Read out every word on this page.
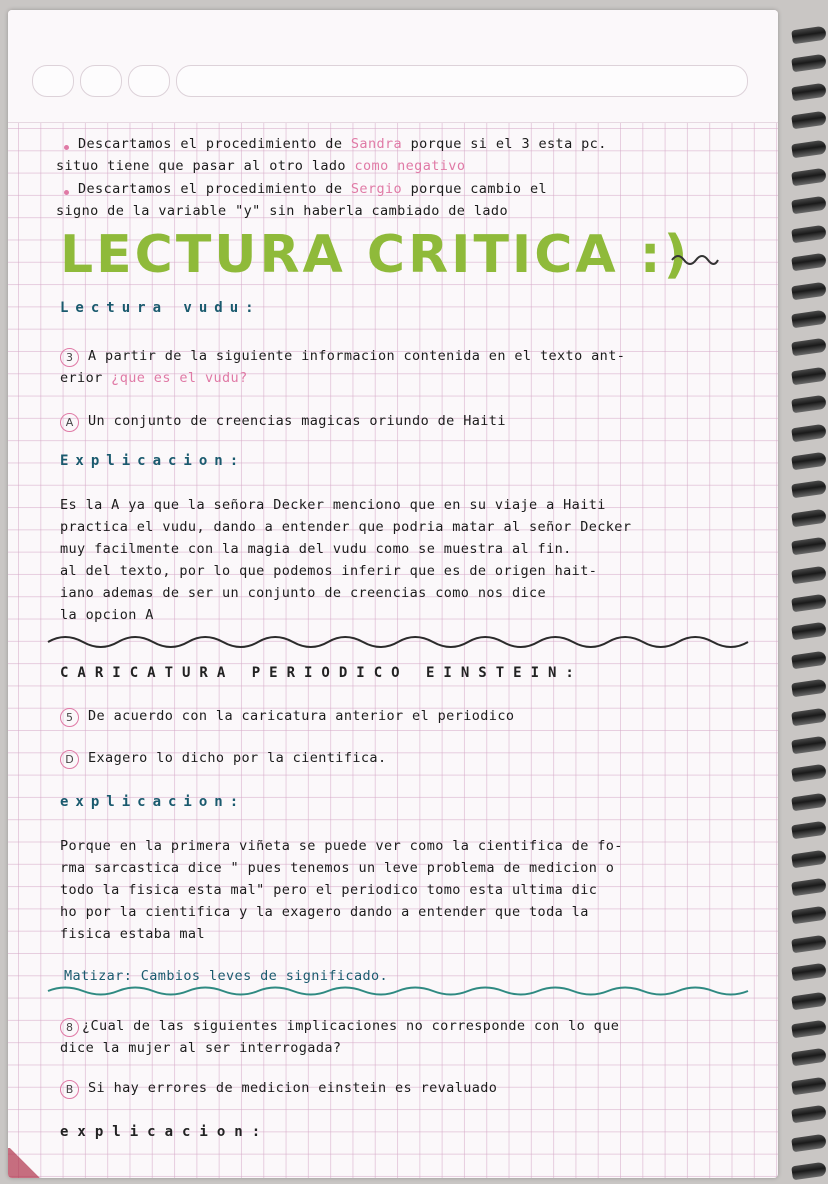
Descartamos el procedimiento de Sandra porque si el 3 esta pc.

situo tiene que pasar al otro lado como negativo

Descartamos el procedimiento de Sergio porque cambio el

signo de la variable "y" sin haberla cambiado de lado

LECTURA CRITICA :)

Lectura vudu:

3	A partir de la siguiente informacion contenida en el texto ant-

erior ¿que es el vudu?

A	Un conjunto de creencias magicas oriundo de Haiti

Explicacion:

Es la A ya que la señora Decker menciono que en su viaje a Haiti

practica el vudu, dando a entender que podria matar al señor Decker

muy facilmente con la magia del vudu como se muestra al fin.

al del texto, por lo que podemos inferir que es de origen hait-

iano ademas de ser un conjunto de creencias como nos dice

la opcion A

CARICATURA PERIODICO EINSTEIN:

5	De acuerdo con la caricatura anterior el periodico

D	Exagero lo dicho por la cientifica.

explicacion:

Porque en la primera viñeta se puede ver como la cientifica de fo-

rma sarcastica dice " pues tenemos un leve problema de medicion o

todo la fisica esta mal" pero el periodico tomo esta ultima dic

ho por la cientifica y la exagero dando a entender que toda la

fisica estaba mal

Matizar: Cambios leves de significado.

8 ¿Cual de las siguientes implicaciones no corresponde con lo que

dice la mujer al ser interrogada?

B	Si hay errores de medicion einstein es revaluado

explicacion:
